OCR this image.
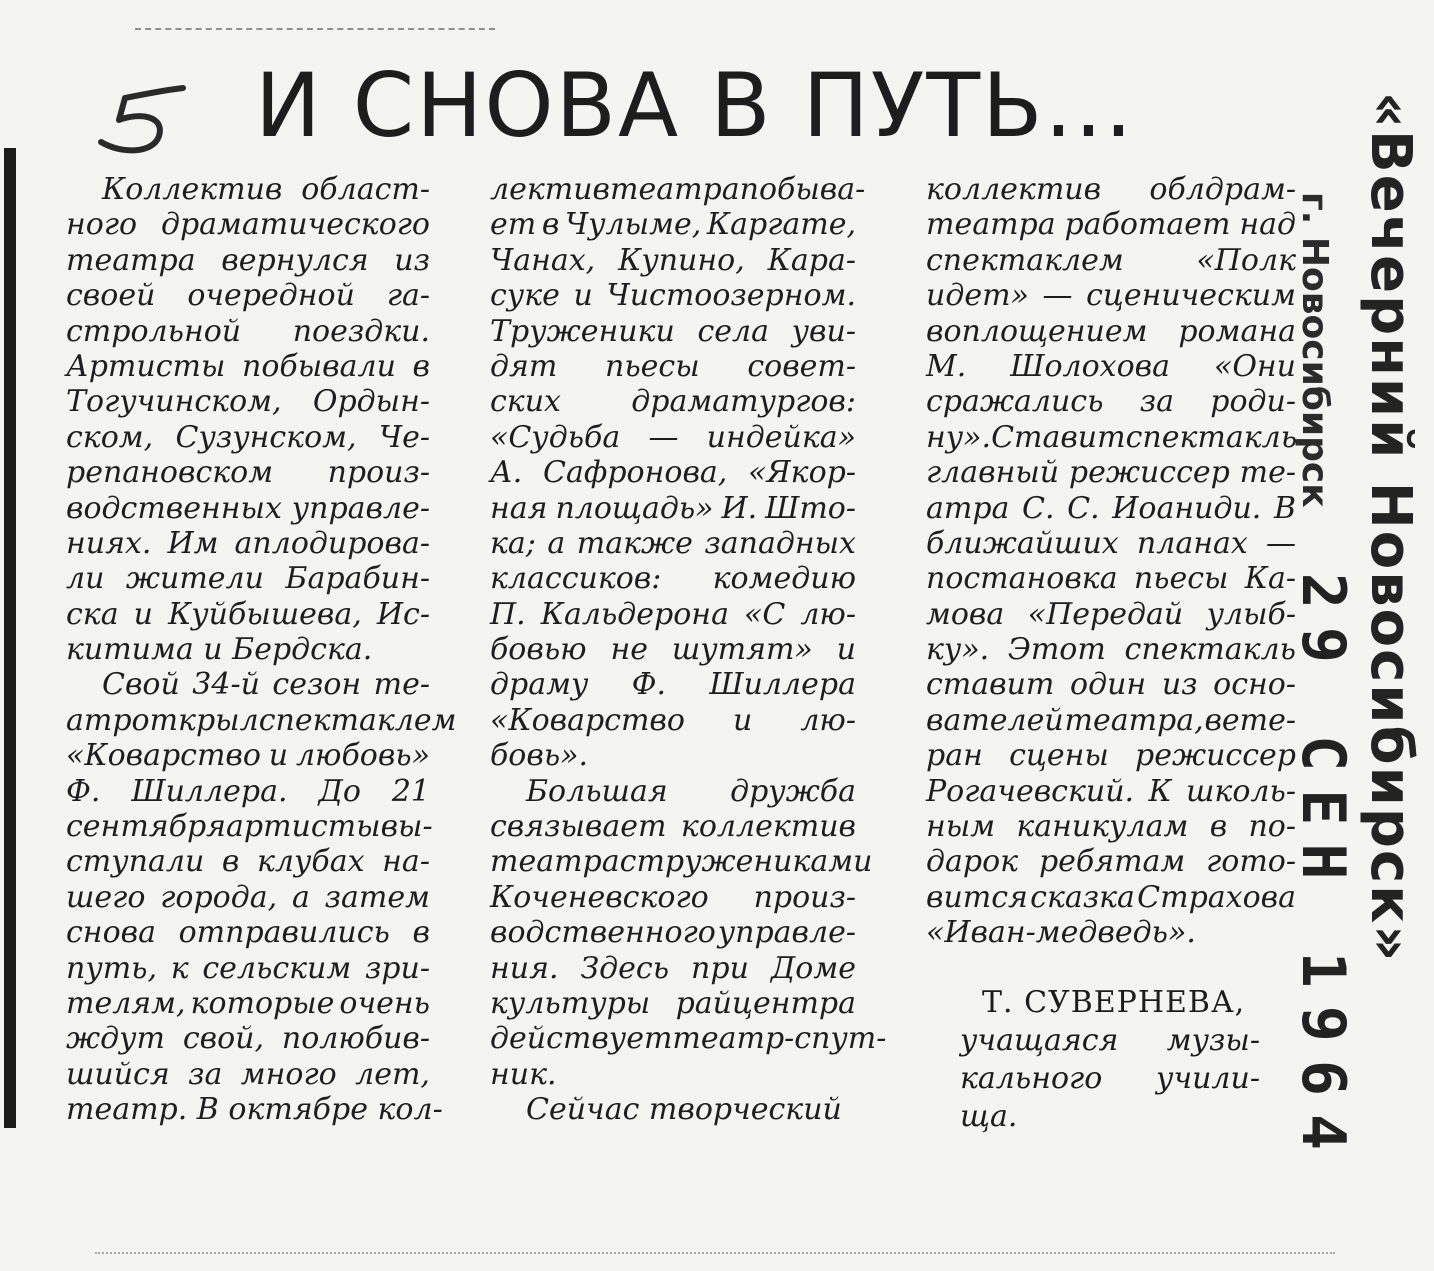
И СНОВА В ПУТЬ...
Коллектив област-
ного драматического
театра вернулся из
своей очередной га-
строльной поездки.
Артисты побывали в
Тогучинском, Ордын-
ском, Сузунском, Че-
репановском произ-
водственных управле-
ниях. Им аплодирова-
ли жители Барабин-
ска и Куйбышева, Ис-
китима и Бердска.
Свой 34-й сезон те-
атр открыл спектаклем
«Коварство и любовь»
Ф. Шиллера. До 21
сентября артисты вы-
ступали в клубах на-
шего города, а затем
снова отправились в
путь, к сельским зри-
телям, которые очень
ждут свой, полюбив-
шийся за много лет,
театр. В октябре кол-
лектив театра побыва-
ет в Чулыме, Каргате,
Чанах, Купино, Кара-
суке и Чистоозерном.
Труженики села уви-
дят пьесы совет-
ских драматургов:
«Судьба — индейка»
А. Сафронова, «Якор-
ная площадь» И. Што-
ка; а также западных
классиков: комедию
П. Кальдерона «С лю-
бовью не шутят» и
драму Ф. Шиллера
«Коварство и лю-
бовь».
Большая дружба
связывает коллектив
театра с тружениками
Коченевского произ-
водственного управле-
ния. Здесь при Доме
культуры райцентра
действует театр-спут-
ник.
Сейчас творческий
коллектив облдрам-
театра работает над
спектаклем «Полк
идет» — сценическим
воплощением романа
М. Шолохова «Они
сражались за роди-
ну». Ставит спектакль
главный режиссер те-
атра С. С. Иоаниди. В
ближайших планах —
постановка пьесы Ка-
мова «Передай улыб-
ку». Этот спектакль
ставит один из осно-
вателей театра, вете-
ран сцены режиссер
Рогачевский. К школь-
ным каникулам в по-
дарок ребятам гото-
вится сказка Страхова
«Иван-медведь».
Т. СУВЕРНЕВА,
учащаяся музы-
кального учили-
ща.
«Вечерний Новосибирск»
г. Новосибирск 29 СЕН 1964
